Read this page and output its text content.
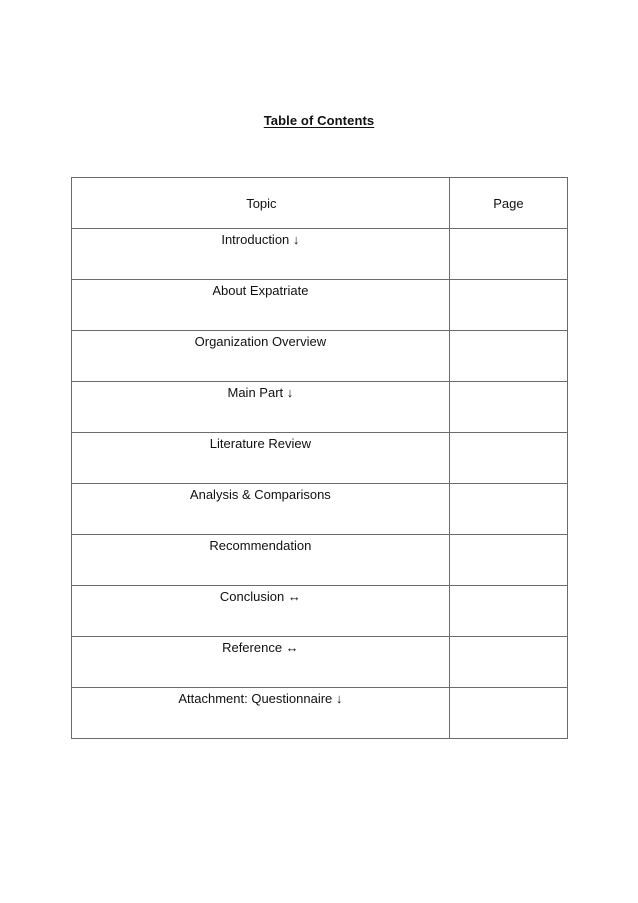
Table of Contents
Topic	Page
Introduction ↓	
About Expatriate	
Organization Overview	
Main Part ↓	
Literature Review	
Analysis & Comparisons	
Recommendation	
Conclusion ↔	
Reference ↔	
Attachment: Questionnaire ↓	
